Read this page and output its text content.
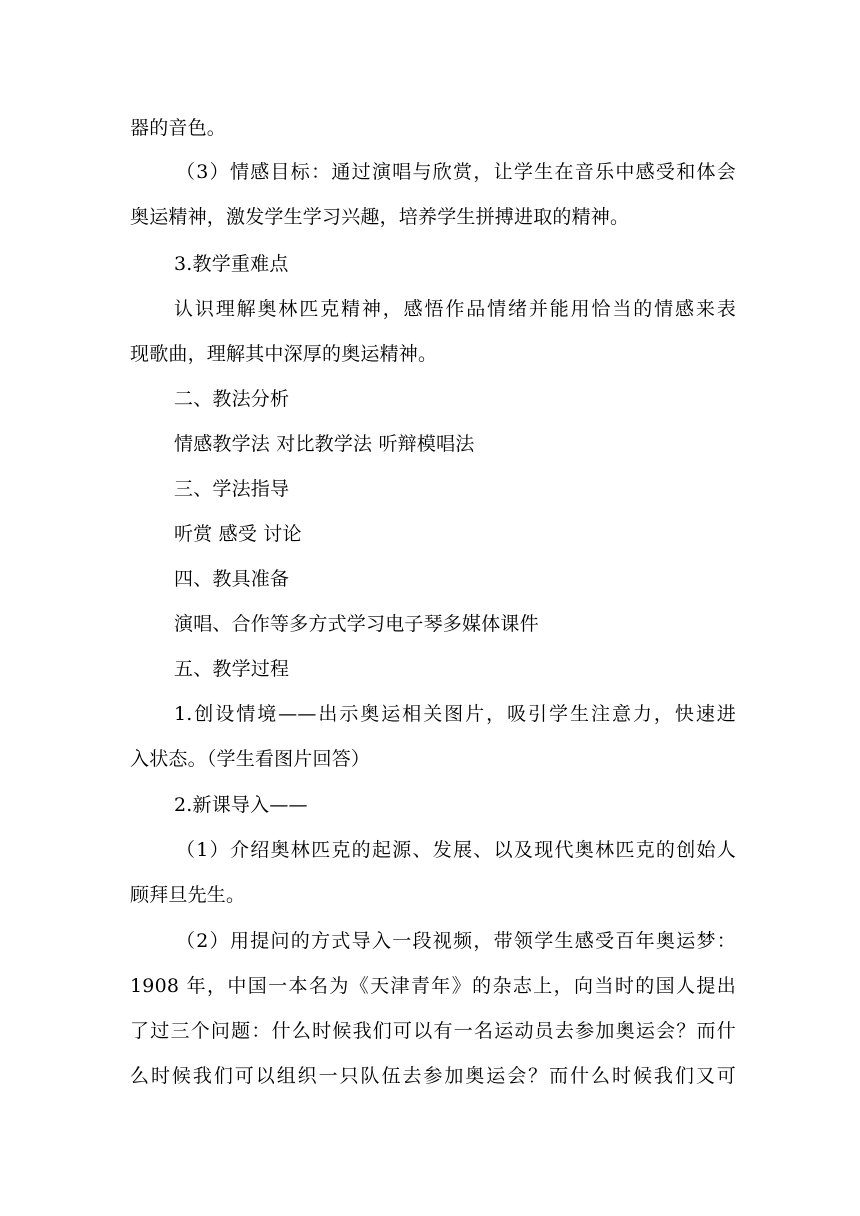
器的音色。
（3）情感目标：通过演唱与欣赏，让学生在音乐中感受和体会
奥运精神，激发学生学习兴趣，培养学生拼搏进取的精神。
3.教学重难点
认识理解奥林匹克精神，感悟作品情绪并能用恰当的情感来表
现歌曲，理解其中深厚的奥运精神。
二、教法分析
情感教学法 对比教学法 听辩模唱法
三、学法指导
听赏 感受 讨论
四、教具准备
演唱、合作等多方式学习电子琴多媒体课件
五、教学过程
1.创设情境——出示奥运相关图片，吸引学生注意力，快速进
入状态。（学生看图片回答）
2.新课导入——
（1）介绍奥林匹克的起源、发展、以及现代奥林匹克的创始人
顾拜旦先生。
（2）用提问的方式导入一段视频，带领学生感受百年奥运梦：
1908 年，中国一本名为《天津青年》的杂志上，向当时的国人提出
了过三个问题：什么时候我们可以有一名运动员去参加奥运会？而什
么时候我们可以组织一只队伍去参加奥运会？而什么时候我们又可
